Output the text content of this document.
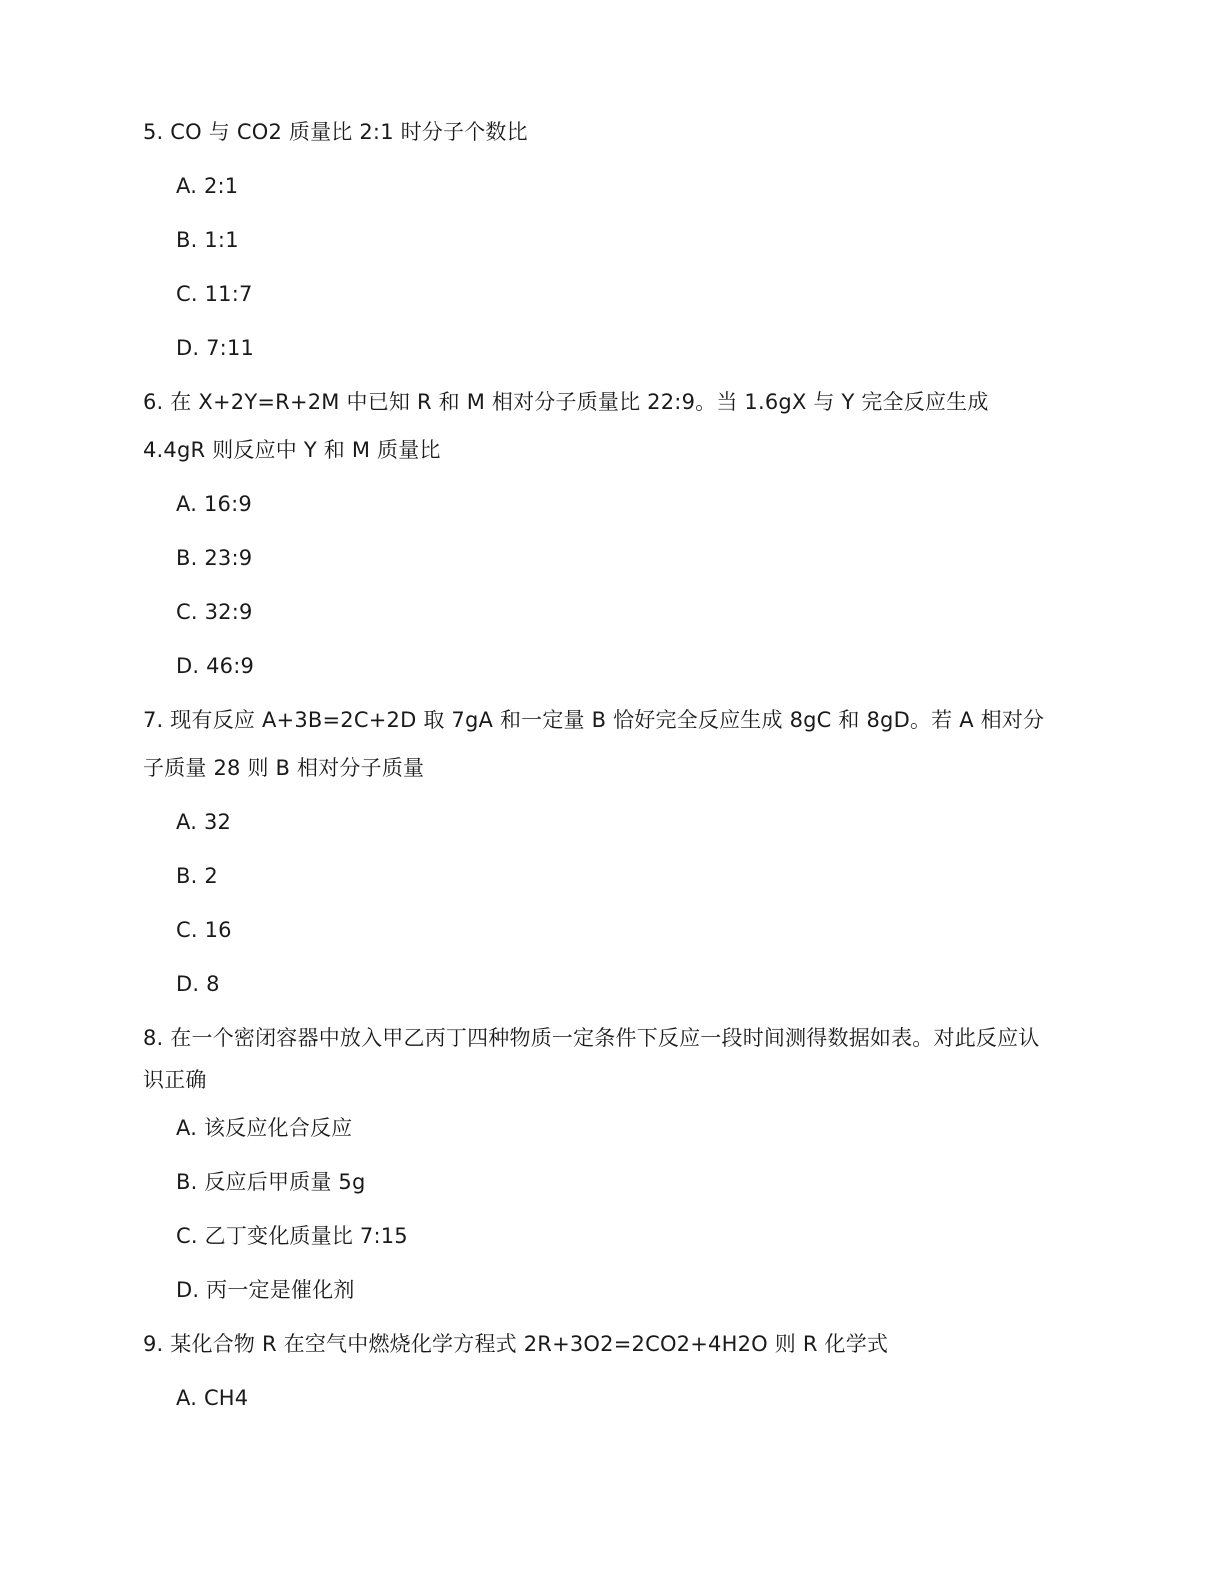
5. CO 与 CO2 质量比 2:1 时分子个数比
A. 2:1
B. 1:1
C. 11:7
D. 7:11
6. 在 X+2Y=R+2M 中已知 R 和 M 相对分子质量比 22:9。当 1.6gX 与 Y 完全反应生成
4.4gR 则反应中 Y 和 M 质量比
A. 16:9
B. 23:9
C. 32:9
D. 46:9
7. 现有反应 A+3B=2C+2D 取 7gA 和一定量 B 恰好完全反应生成 8gC 和 8gD。若 A 相对分
子质量 28 则 B 相对分子质量
A. 32
B. 2
C. 16
D. 8
8. 在一个密闭容器中放入甲乙丙丁四种物质一定条件下反应一段时间测得数据如表。对此反应认
识正确
A. 该反应化合反应
B. 反应后甲质量 5g
C. 乙丁变化质量比 7:15
D. 丙一定是催化剂
9. 某化合物 R 在空气中燃烧化学方程式 2R+3O2=2CO2+4H2O 则 R 化学式
A. CH4
